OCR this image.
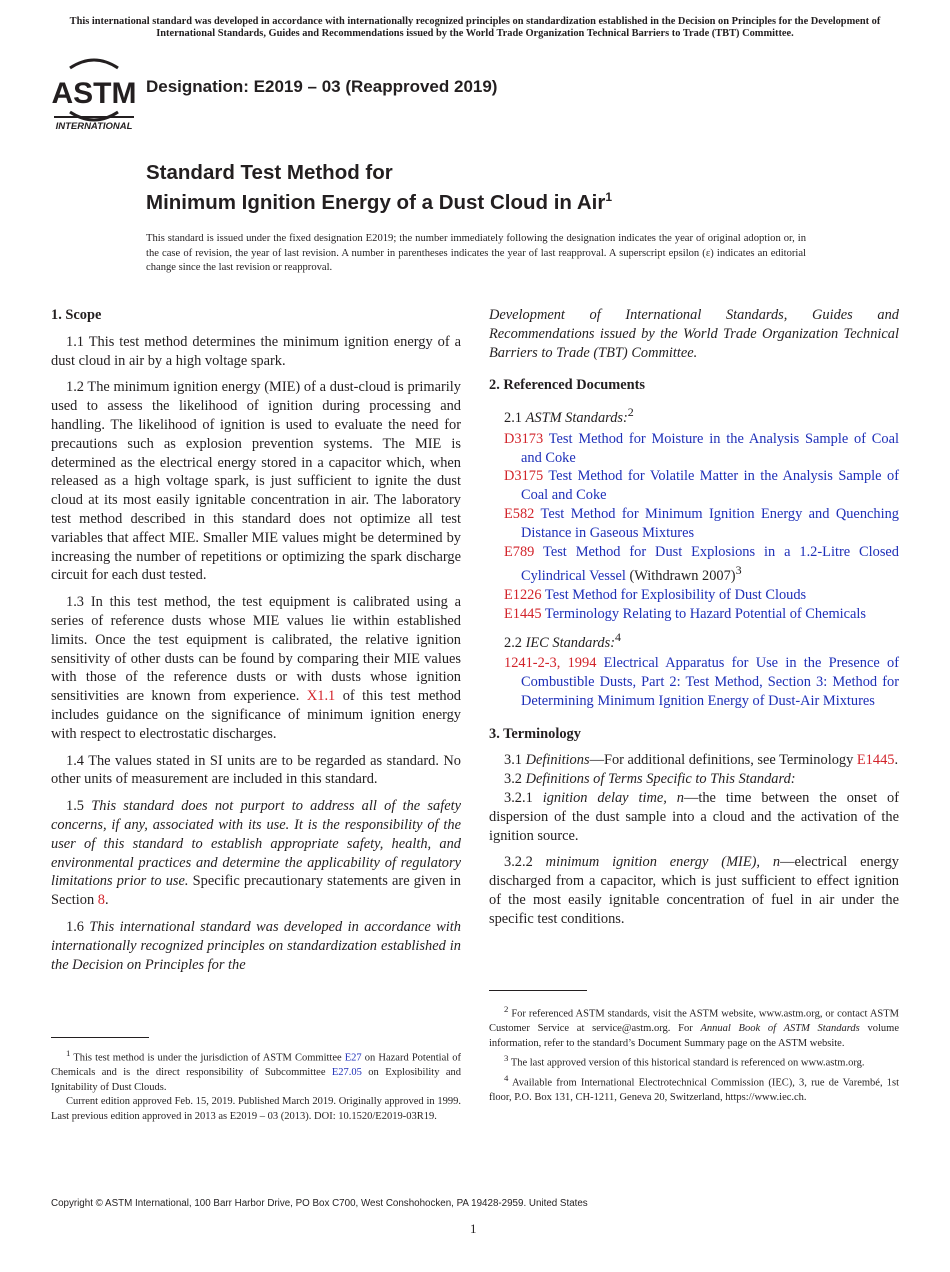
This international standard was developed in accordance with internationally recognized principles on standardization established in the Decision on Principles for the Development of International Standards, Guides and Recommendations issued by the World Trade Organization Technical Barriers to Trade (TBT) Committee.
ASTM
INTERNATIONAL
Designation: E2019 – 03 (Reapproved 2019)
Standard Test Method for
Minimum Ignition Energy of a Dust Cloud in Air$^1$
This standard is issued under the fixed designation E2019; the number immediately following the designation indicates the year of original adoption or, in the case of revision, the year of last revision. A number in parentheses indicates the year of last reapproval. A superscript epsilon (ε) indicates an editorial change since the last revision or reapproval.
1. Scope

1.1 This test method determines the minimum ignition energy of a dust cloud in air by a high voltage spark.

1.2 The minimum ignition energy (MIE) of a dust-cloud is primarily used to assess the likelihood of ignition during processing and handling. The likelihood of ignition is used to evaluate the need for precautions such as explosion prevention systems. The MIE is determined as the electrical energy stored in a capacitor which, when released as a high voltage spark, is just sufficient to ignite the dust cloud at its most easily ignitable concentration in air. The laboratory test method described in this standard does not optimize all test variables that affect MIE. Smaller MIE values might be determined by increasing the number of repetitions or optimizing the spark discharge circuit for each dust tested.

1.3 In this test method, the test equipment is calibrated using a series of reference dusts whose MIE values lie within established limits. Once the test equipment is calibrated, the relative ignition sensitivity of other dusts can be found by comparing their MIE values with those of the reference dusts or with dusts whose ignition sensitivities are known from experience. X1.1 of this test method includes guidance on the significance of minimum ignition energy with respect to electrostatic discharges.

1.4 The values stated in SI units are to be regarded as standard. No other units of measurement are included in this standard.

1.5 This standard does not purport to address all of the safety concerns, if any, associated with its use. It is the responsibility of the user of this standard to establish appropriate safety, health, and environmental practices and determine the applicability of regulatory limitations prior to use. Specific precautionary statements are given in Section 8.

1.6 This international standard was developed in accordance with internationally recognized principles on standardization established in the Decision on Principles for the

Development of International Standards, Guides and Recommendations issued by the World Trade Organization Technical Barriers to Trade (TBT) Committee.

2. Referenced Documents
2.1 ASTM Standards:$^2$
D3173 Test Method for Moisture in the Analysis Sample of Coal and Coke
D3175 Test Method for Volatile Matter in the Analysis Sample of Coal and Coke
E582 Test Method for Minimum Ignition Energy and Quenching Distance in Gaseous Mixtures
E789 Test Method for Dust Explosions in a 1.2-Litre Closed Cylindrical Vessel (Withdrawn 2007)$^3$
E1226 Test Method for Explosibility of Dust Clouds
E1445 Terminology Relating to Hazard Potential of Chemicals
2.2 IEC Standards:$^4$
1241-2-3, 1994 Electrical Apparatus for Use in the Presence of Combustible Dusts, Part 2: Test Method, Section 3: Method for Determining Minimum Ignition Energy of Dust-Air Mixtures
3. Terminology

3.1 Definitions—For additional definitions, see Terminology E1445.

3.2 Definitions of Terms Specific to This Standard:

3.2.1 ignition delay time, n—the time between the onset of dispersion of the dust sample into a cloud and the activation of the ignition source.

3.2.2 minimum ignition energy (MIE), n—electrical energy discharged from a capacitor, which is just sufficient to effect ignition of the most easily ignitable concentration of fuel in air under the specific test conditions.

$^1$ This test method is under the jurisdiction of ASTM Committee E27 on Hazard Potential of Chemicals and is the direct responsibility of Subcommittee E27.05 on Explosibility and Ignitability of Dust Clouds.

Current edition approved Feb. 15, 2019. Published March 2019. Originally approved in 1999. Last previous edition approved in 2013 as E2019 – 03 (2013). DOI: 10.1520/E2019-03R19.

$^2$ For referenced ASTM standards, visit the ASTM website, www.astm.org, or contact ASTM Customer Service at service@astm.org. For Annual Book of ASTM Standards volume information, refer to the standard’s Document Summary page on the ASTM website.

$^3$ The last approved version of this historical standard is referenced on www.astm.org.

$^4$ Available from International Electrotechnical Commission (IEC), 3, rue de Varembé, 1st floor, P.O. Box 131, CH-1211, Geneva 20, Switzerland, https://www.iec.ch.

Copyright © ASTM International, 100 Barr Harbor Drive, PO Box C700, West Conshohocken, PA 19428-2959. United States
1
